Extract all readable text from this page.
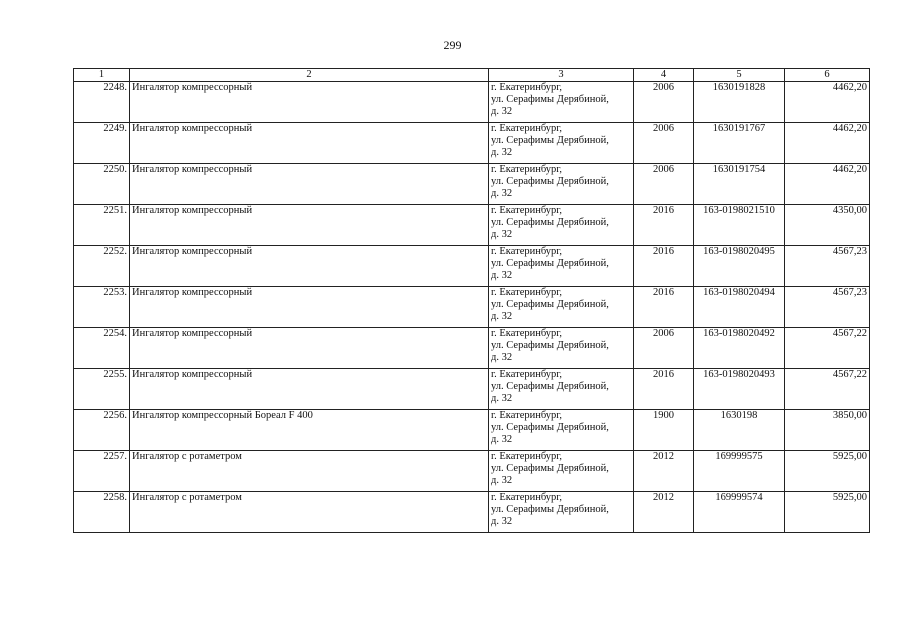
299
1	2	3	4	5	6
2248.	Ингалятор компрессорный	г. Екатеринбург,
ул. Серафимы Дерябиной,
д. 32	2006	1630191828	4462,20
2249.	Ингалятор компрессорный	г. Екатеринбург,
ул. Серафимы Дерябиной,
д. 32	2006	1630191767	4462,20
2250.	Ингалятор компрессорный	г. Екатеринбург,
ул. Серафимы Дерябиной,
д. 32	2006	1630191754	4462,20
2251.	Ингалятор компрессорный	г. Екатеринбург,
ул. Серафимы Дерябиной,
д. 32	2016	163-0198021510	4350,00
2252.	Ингалятор компрессорный	г. Екатеринбург,
ул. Серафимы Дерябиной,
д. 32	2016	163-0198020495	4567,23
2253.	Ингалятор компрессорный	г. Екатеринбург,
ул. Серафимы Дерябиной,
д. 32	2016	163-0198020494	4567,23
2254.	Ингалятор компрессорный	г. Екатеринбург,
ул. Серафимы Дерябиной,
д. 32	2006	163-0198020492	4567,22
2255.	Ингалятор компрессорный	г. Екатеринбург,
ул. Серафимы Дерябиной,
д. 32	2016	163-0198020493	4567,22
2256.	Ингалятор компрессорный Бореал F 400	г. Екатеринбург,
ул. Серафимы Дерябиной,
д. 32	1900	1630198	3850,00
2257.	Ингалятор с ротаметром	г. Екатеринбург,
ул. Серафимы Дерябиной,
д. 32	2012	169999575	5925,00
2258.	Ингалятор с ротаметром	г. Екатеринбург,
ул. Серафимы Дерябиной,
д. 32	2012	169999574	5925,00
